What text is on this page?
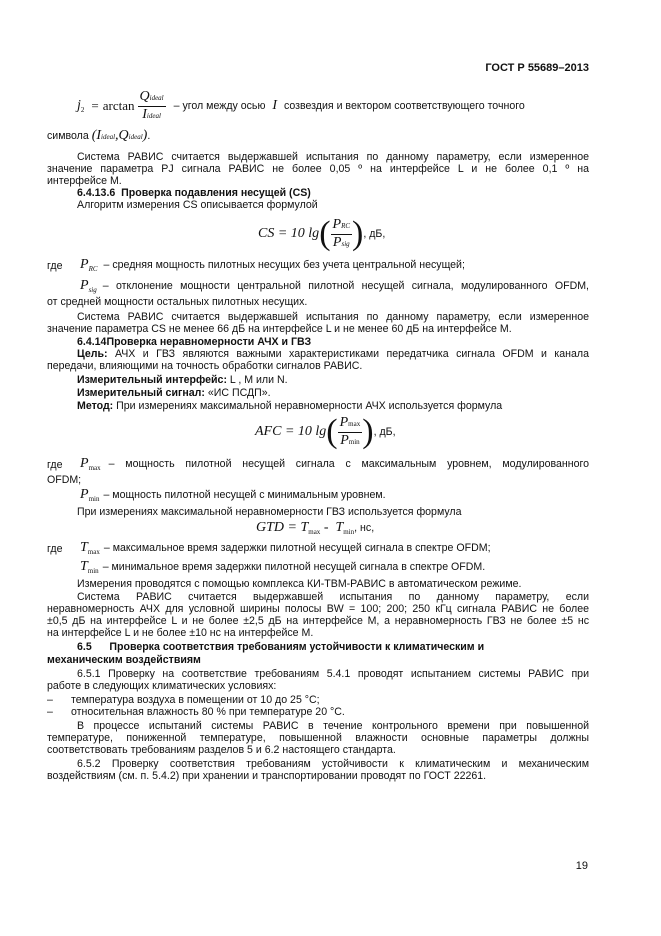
ГОСТ Р 55689–2013
j $2 = \arctan \frac{\text{Qideal}}{\text{Iideal}}$ – угол между осью I созвездия и вектором соответствующего точного
символа (Iideal,Qideal).
Система РАВИС считается выдержавшей испытания по данному параметру, если измеренное
значение параметра PJ сигнала РАВИС не более 0,05 º на интерфейсе L и не более 0,1 º на
интерфейсе M.
6.4.13.6  Проверка подавления несущей (CS)
Алгоритм измерения CS описывается формулой
CS = 10 lg ( $\frac{\text{PRC}}{\text{Psig}}$ ) , дБ,
где P RC – средняя мощность пилотных несущих без учета центральной несущей;
P sig – отклонение мощности центральной пилотной несущей сигнала, модулированного OFDM,
от средней мощности остальных пилотных несущих.
Система РАВИС считается выдержавшей испытания по данному параметру, если измеренное
значение параметра CS не менее 66 дБ на интерфейсе L и не менее 60 дБ на интерфейсе M.
6.4.14Проверка неравномерности АЧХ и ГВЗ
Цель: АЧХ и ГВЗ являются важными характеристиками передатчика сигнала OFDM и канала
передачи, влияющими на точность обработки сигналов РАВИС.
Измерительный интерфейс: L , M или N.
Измерительный сигнал: «ИС ПСДП».
Метод: При измерениях максимальной неравномерности АЧХ используется формула
AFC = 10 lg ( $\frac{Pmax}{Pmin}$ ) , дБ,
где P max – мощность пилотной несущей сигнала с максимальным уровнем, модулированного
OFDM;
P min – мощность пилотной несущей с минимальным уровнем.
При измерениях максимальной неравномерности ГВЗ используется формула
GTD = T max -  T min , нс,
где T max – максимальное время задержки пилотной несущей сигнала в спектре OFDM;
T min – минимальное время задержки пилотной несущей сигнала в спектре OFDM.
Измерения проводятся с помощью комплекса КИ-ТВМ-РАВИС в автоматическом режиме.
Система РАВИС считается выдержавшей испытания по данному параметру, если
неравномерность АЧХ для условной ширины полосы BW = 100; 200; 250 кГц сигнала РАВИС не более
±0,5 дБ на интерфейсе L и не более ±2,5 дБ на интерфейсе M, а неравномерность ГВЗ не более ±5 нс
на интерфейсе L и не более ±10 нс на интерфейсе M.
6.5      Проверка соответствия требованиям устойчивости к климатическим и
механическим воздействиям
6.5.1 Проверку на соответствие требованиям 5.4.1 проводят испытанием системы РАВИС при
работе в следующих климатических условиях:
– температура воздуха в помещении от 10 до 25 °С;
– относительная влажность 80 % при температуре 20 °С.
В процессе испытаний системы РАВИС в течение контрольного времени при повышенной
температуре, пониженной температуре, повышенной влажности основные параметры должны
соответствовать требованиям разделов 5 и 6.2 настоящего стандарта.
6.5.2 Проверку соответствия требованиям устойчивости к климатическим и механическим
воздействиям (см. п. 5.4.2) при хранении и транспортировании проводят по ГОСТ 22261.
19
